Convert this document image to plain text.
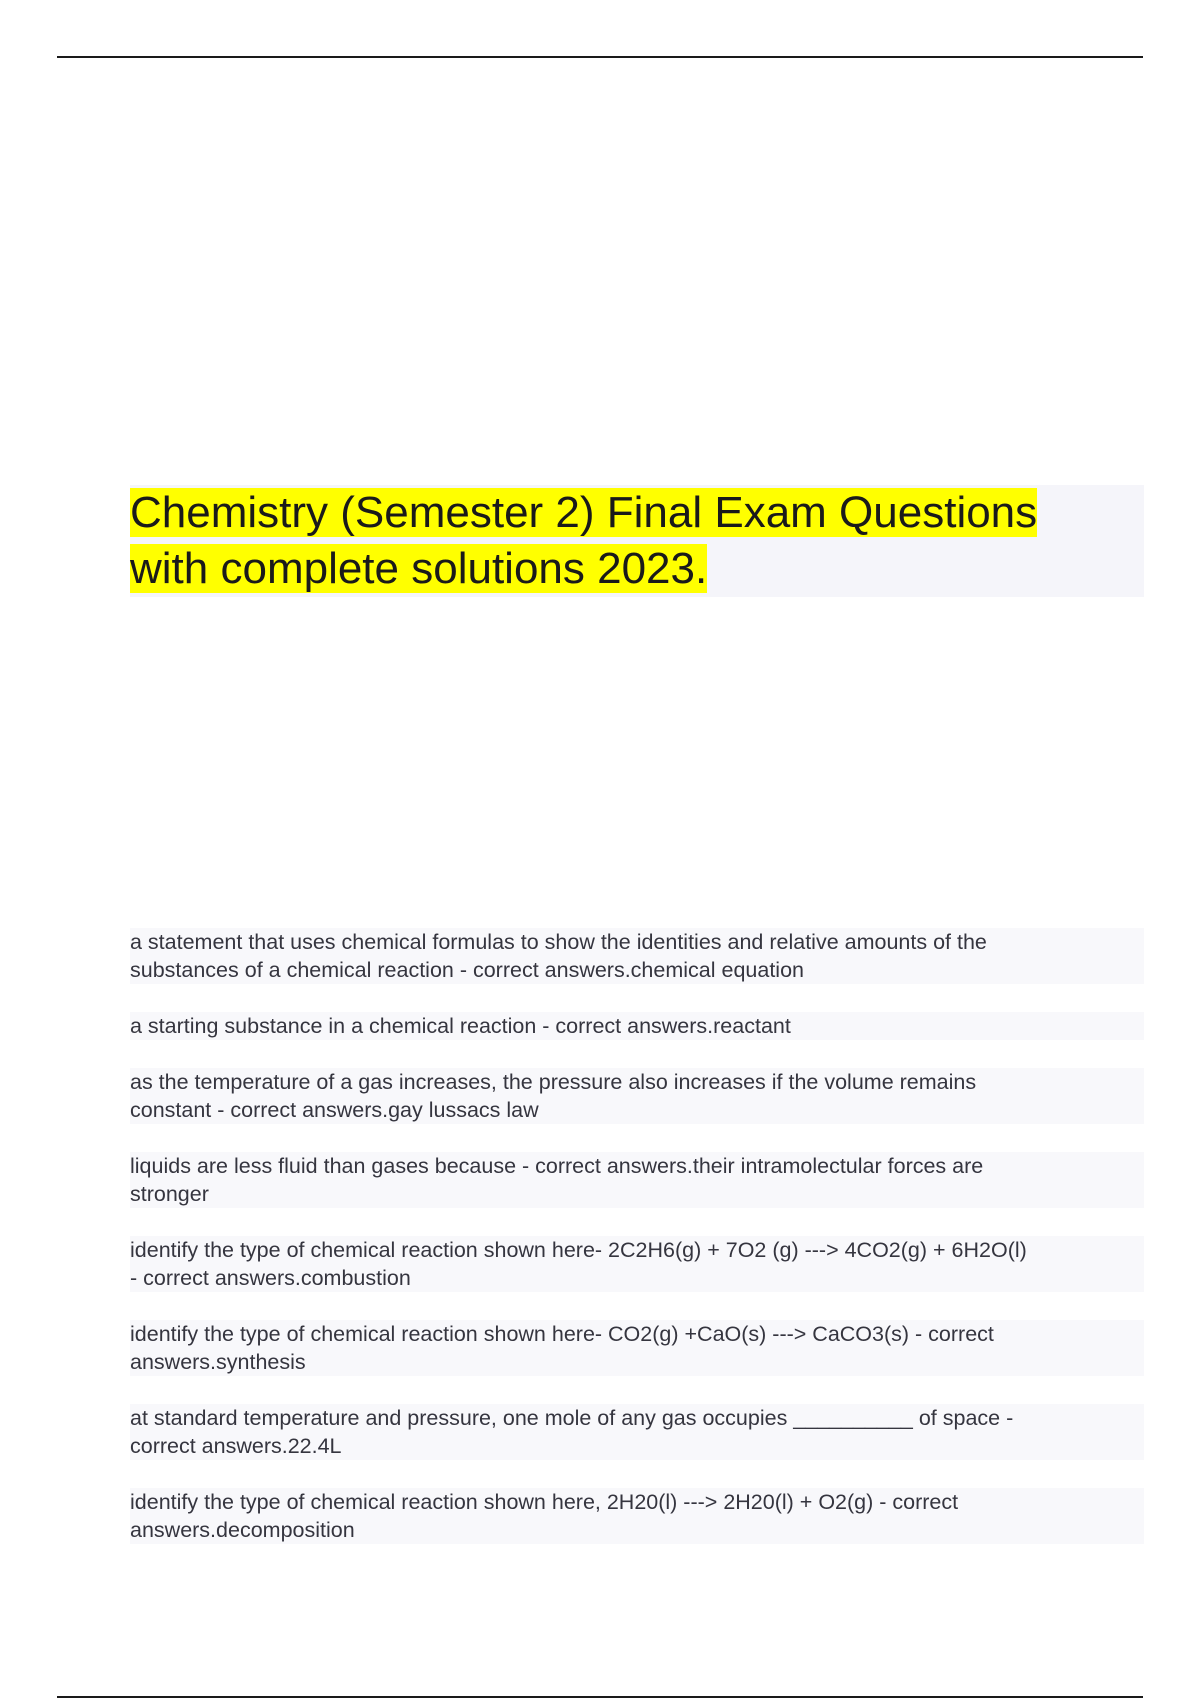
Chemistry (Semester 2) Final Exam Questions

with complete solutions 2023.

a statement that uses chemical formulas to show the identities and relative amounts of the
substances of a chemical reaction - correct answers.chemical equation
a starting substance in a chemical reaction - correct answers.reactant
as the temperature of a gas increases, the pressure also increases if the volume remains
constant - correct answers.gay lussacs law
liquids are less fluid than gases because - correct answers.their intramolectular forces are
stronger
identify the type of chemical reaction shown here- 2C2H6(g) + 7O2 (g) ---> 4CO2(g) + 6H2O(l)
- correct answers.combustion
identify the type of chemical reaction shown here- CO2(g) +CaO(s) ---> CaCO3(s) - correct
answers.synthesis
at standard temperature and pressure, one mole of any gas occupies __________ of space -
correct answers.22.4L
identify the type of chemical reaction shown here, 2H20(l) ---> 2H20(l) + O2(g) - correct
answers.decomposition
